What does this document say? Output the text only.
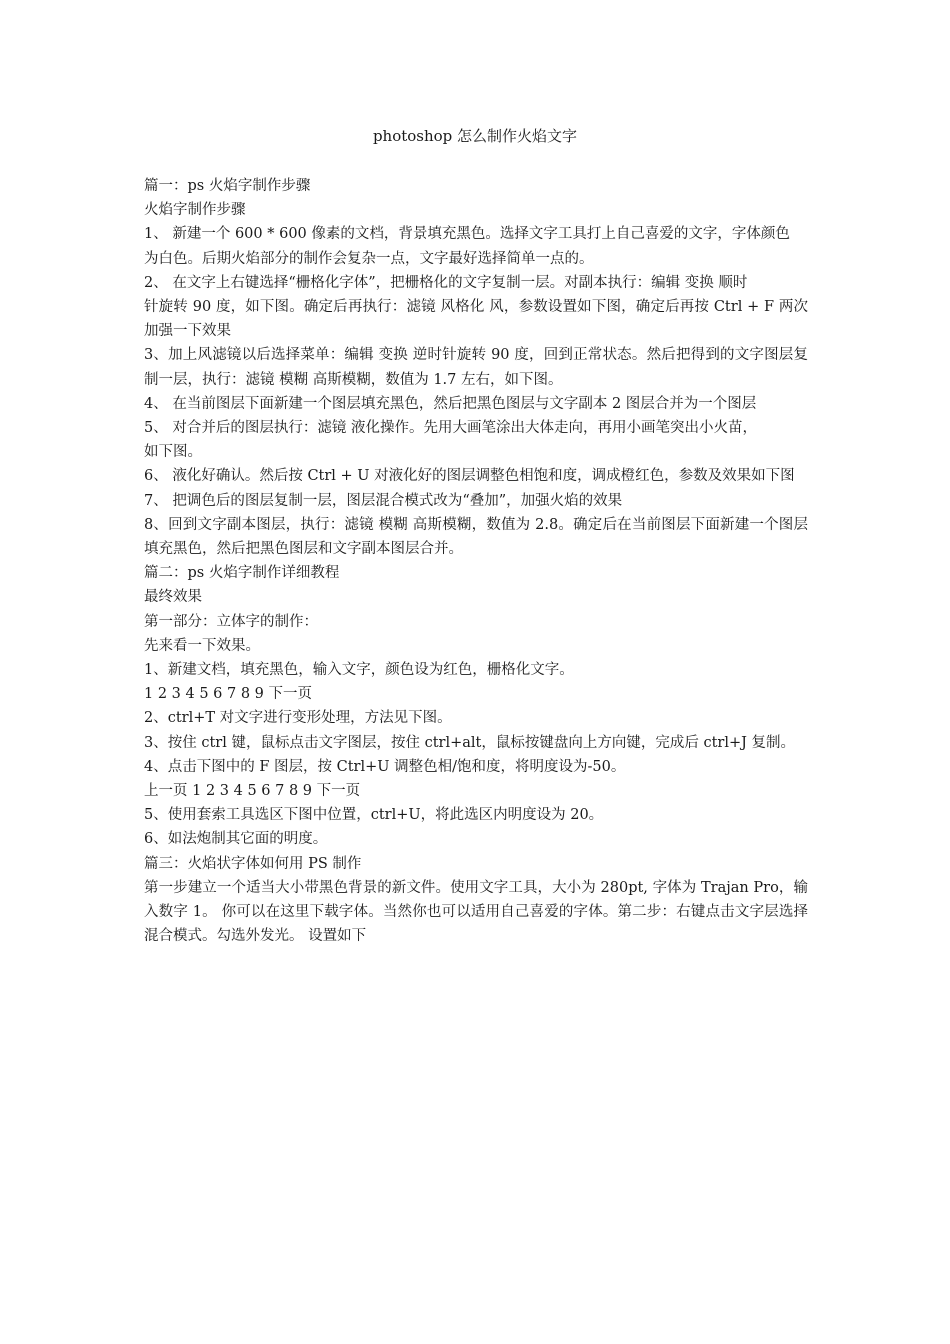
photoshop 怎么制作火焰文字

篇一：ps 火焰字制作步骤

火焰字制作步骤

1、 新建一个 600 * 600 像素的文档，背景填充黑色。选择文字工具打上自己喜爱的文字，字体颜色

为白色。后期火焰部分的制作会复杂一点，文字最好选择简单一点的。

2、 在文字上右键选择“栅格化字体”，把栅格化的文字复制一层。对副本执行：编辑 变换 顺时

针旋转 90 度，如下图。确定后再执行：滤镜 风格化 风，参数设置如下图，确定后再按 Ctrl + F 两次加强一下效果

3、加上风滤镜以后选择菜单：编辑 变换 逆时针旋转 90 度，回到正常状态。然后把得到的文字图层复制一层，执行：滤镜 模糊 高斯模糊，数值为 1.7 左右，如下图。

4、 在当前图层下面新建一个图层填充黑色，然后把黑色图层与文字副本 2 图层合并为一个图层

5、 对合并后的图层执行：滤镜 液化操作。先用大画笔涂出大体走向，再用小画笔突出小火苗，

如下图。

6、 液化好确认。然后按 Ctrl + U 对液化好的图层调整色相饱和度，调成橙红色，参数及效果如下图

7、 把调色后的图层复制一层，图层混合模式改为“叠加”，加强火焰的效果

8、回到文字副本图层，执行：滤镜 模糊 高斯模糊，数值为 2.8。确定后在当前图层下面新建一个图层填充黑色，然后把黑色图层和文字副本图层合并。

篇二：ps 火焰字制作详细教程

最终效果

第一部分：立体字的制作：

先来看一下效果。

1、新建文档，填充黑色，输入文字，颜色设为红色，栅格化文字。

1 2 3 4 5 6 7 8 9 下一页

2、ctrl+T 对文字进行变形处理，方法见下图。

3、按住 ctrl 键，鼠标点击文字图层，按住 ctrl+alt，鼠标按键盘向上方向键，完成后 ctrl+J 复制。

4、点击下图中的 F 图层，按 Ctrl+U 调整色相/饱和度，将明度设为-50。

上一页 1 2 3 4 5 6 7 8 9 下一页

5、使用套索工具选区下图中位置，ctrl+U，将此选区内明度设为 20。

6、如法炮制其它面的明度。

篇三：火焰状字体如何用 PS 制作

第一步建立一个适当大小带黑色背景的新文件。使用文字工具，大小为 280pt, 字体为 Trajan Pro，输入数字 1。 你可以在这里下载字体。当然你也可以适用自己喜爱的字体。第二步：右键点击文字层选择混合模式。勾选外发光。 设置如下
